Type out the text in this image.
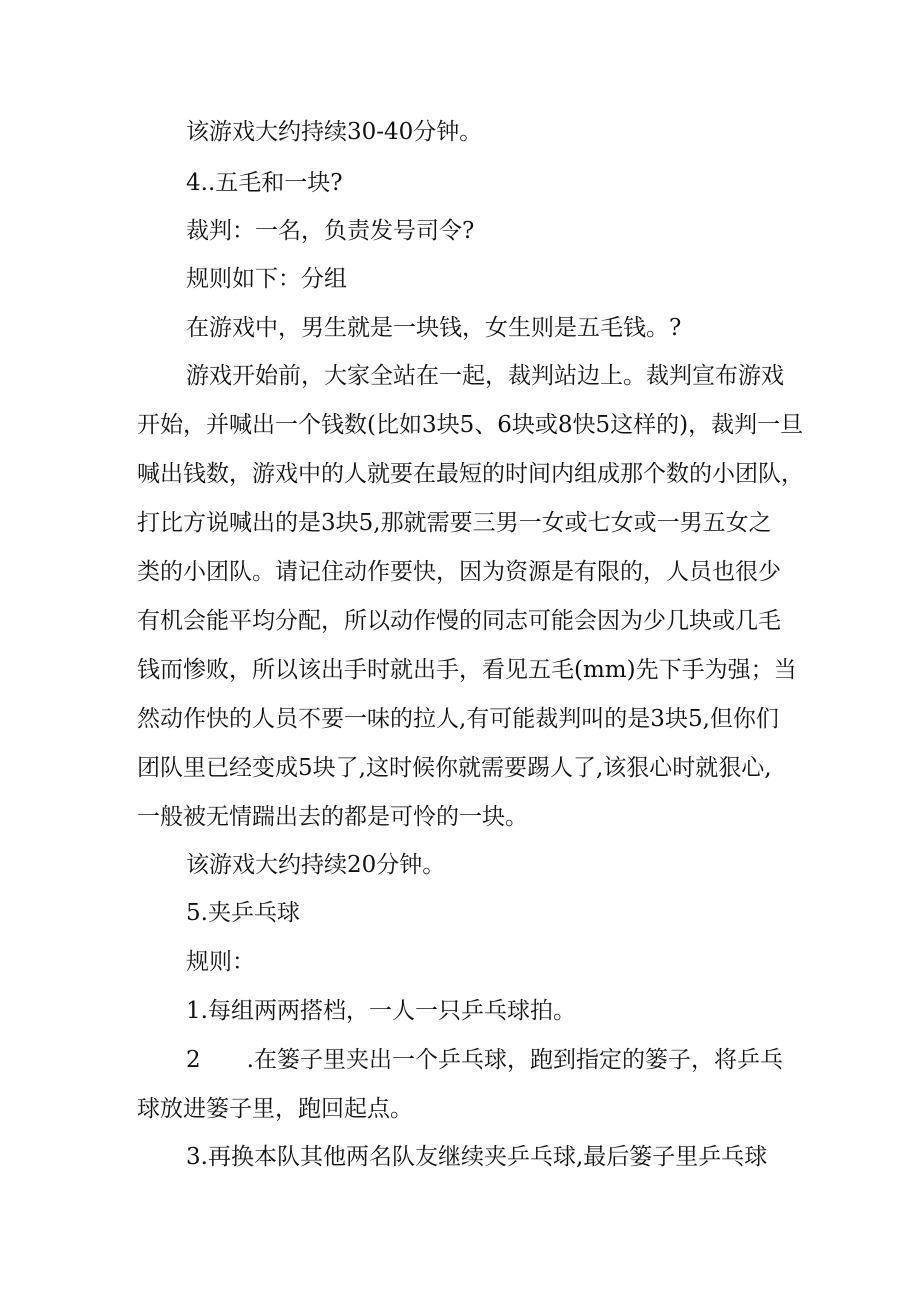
该游戏大约持续30-40分钟。
4..五毛和一块?
裁判：一名，负责发号司令?
规则如下：分组
在游戏中，男生就是一块钱，女生则是五毛钱。?
游戏开始前，大家全站在一起，裁判站边上。裁判宣布游戏
开始，并喊出一个钱数(比如3块5、6块或8快5这样的)，裁判一旦
喊出钱数，游戏中的人就要在最短的时间内组成那个数的小团队，
打比方说喊出的是3块5,那就需要三男一女或七女或一男五女之
类的小团队。请记住动作要快，因为资源是有限的，人员也很少
有机会能平均分配，所以动作慢的同志可能会因为少几块或几毛
钱而惨败，所以该出手时就出手，看见五毛(mm)先下手为强；当
然动作快的人员不要一味的拉人,有可能裁判叫的是3块5,但你们
团队里已经变成5块了,这时候你就需要踢人了,该狠心时就狠心,
一般被无情踹出去的都是可怜的一块。
该游戏大约持续20分钟。
5.夹乒乓球
规则：
1.每组两两搭档，一人一只乒乓球拍。
2　　.在篓子里夹出一个乒乓球，跑到指定的篓子，将乒乓
球放进篓子里，跑回起点。
3.再换本队其他两名队友继续夹乒乓球,最后篓子里乒乓球
